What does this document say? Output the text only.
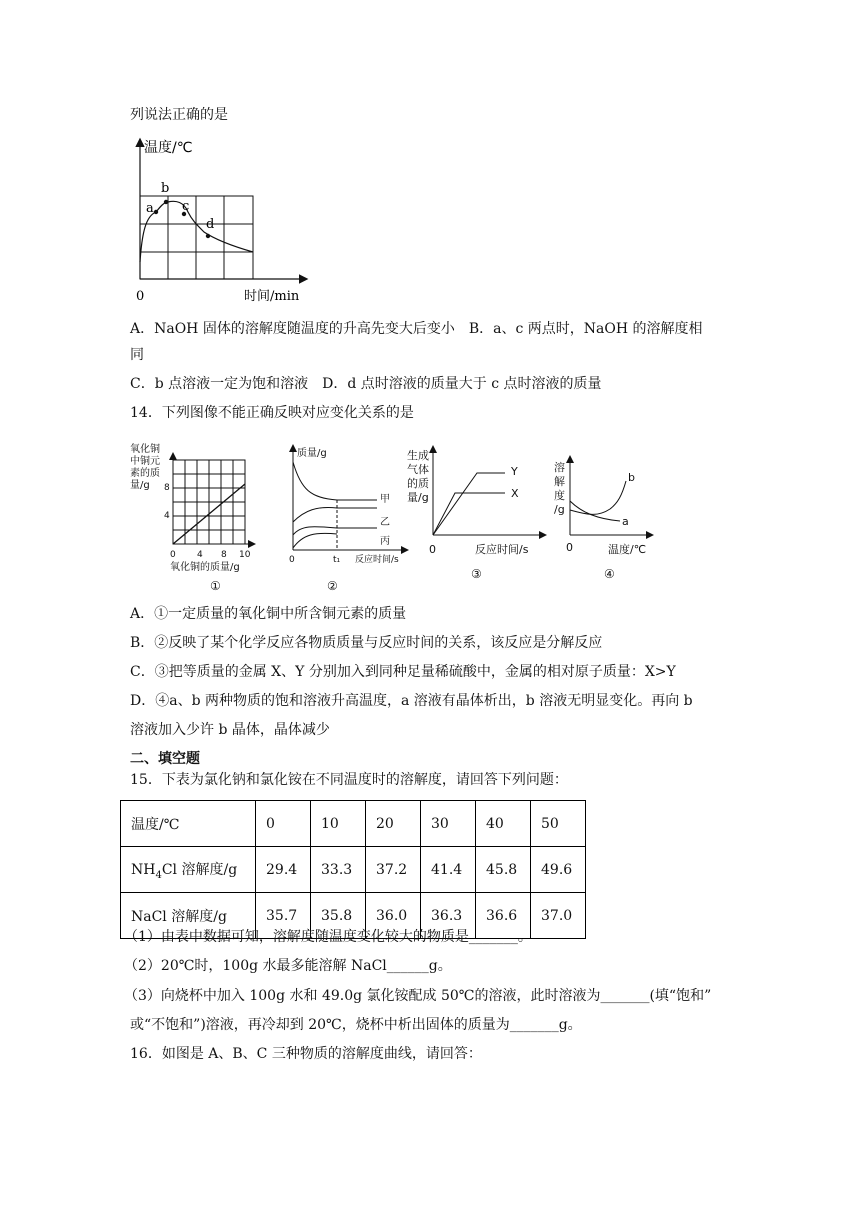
列说法正确的是
a
b
c
d
温度/℃
0	时间/min
A．NaOH 固体的溶解度随温度的升高先变大后变小　B．a、c 两点时，NaOH 的溶解度相
同
C．b 点溶液一定为饱和溶液　D．d 点时溶液的质量大于 c 点时溶液的质量
14．下列图像不能正确反映对应变化关系的是
氧化铜
中铜元
素的质
量/g 8
4
0 4 8 10
氧化铜的质量/g
①
质量/g
甲
乙
丙
0	t₁ 反应时间/s
②
生成
气体
的质
量/g
Y
X
0	反应时间/s
③
溶
解
度
/g
b
a
0	温度/℃
④
A．①一定质量的氧化铜中所含铜元素的质量
B．②反映了某个化学反应各物质质量与反应时间的关系，该反应是分解反应
C．③把等质量的金属 X、Y 分别加入到同种足量稀硫酸中，金属的相对原子质量：X>Y
D．④a、b 两种物质的饱和溶液升高温度，a 溶液有晶体析出，b 溶液无明显变化。再向 b
溶液加入少许 b 晶体，晶体减少
二、填空题
15．下表为氯化钠和氯化铵在不同温度时的溶解度，请回答下列问题：
温度/℃	0	10	20	30	40	50
$NH_4Cl$ 溶解度/g	29.4	33.3	37.2	41.4	45.8	49.6
NaCl 溶解度/g	35.7	35.8	36.0	36.3	36.6	37.0
（1）由表中数据可知，溶解度随温度变化较大的物质是_______。
（2）20℃时，100g 水最多能溶解 NaCl______g。
（3）向烧杯中加入 100g 水和 49.0g 氯化铵配成 50℃的溶液，此时溶液为_______(填“饱和”
或“不饱和”)溶液，再冷却到 20℃，烧杯中析出固体的质量为_______g。
16．如图是 A、B、C 三种物质的溶解度曲线，请回答：
